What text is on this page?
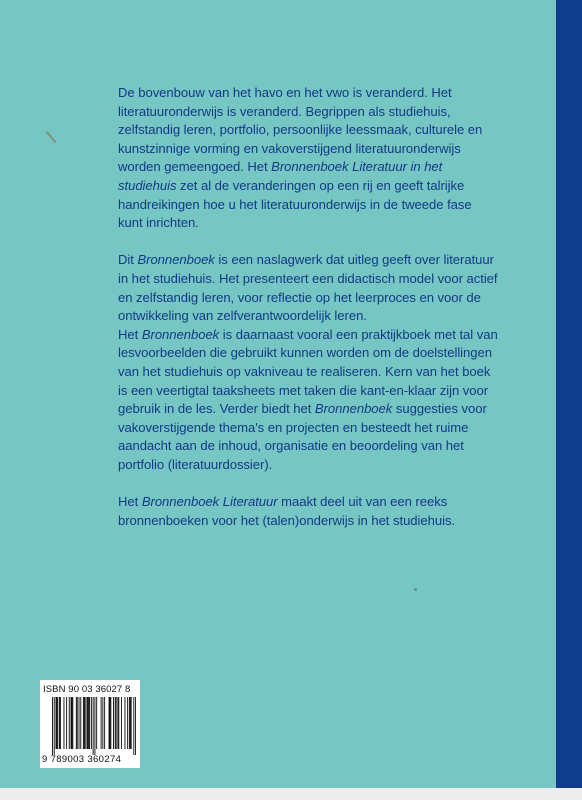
De bovenbouw van het havo en het vwo is veranderd. Het literatuuronderwijs is veranderd. Begrippen als studiehuis, zelfstandig leren, portfolio, persoonlijke leessmaak, culturele en kunstzinnige vorming en vakoverstijgend literatuuronderwijs worden gemeengoed. Het Bronnenboek Literatuur in het studiehuis zet al de veranderingen op een rij en geeft talrijke handreikingen hoe u het literatuuronderwijs in de tweede fase kunt inrichten.

Dit Bronnenboek is een naslagwerk dat uitleg geeft over literatuur in het studiehuis. Het presenteert een didactisch model voor actief en zelfstandig leren, voor reflectie op het leerproces en voor de ontwikkeling van zelfverantwoordelijk leren.
Het Bronnenboek is daarnaast vooral een praktijkboek met tal van lesvoorbeelden die gebruikt kunnen worden om de doelstellingen van het studiehuis op vakniveau te realiseren. Kern van het boek is een veertigtal taaksheets met taken die kant-en-klaar zijn voor gebruik in de les. Verder biedt het Bronnenboek suggesties voor vakoverstijgende thema's en projecten en besteedt het ruime aandacht aan de inhoud, organisatie en beoordeling van het portfolio (literatuurdossier).

Het Bronnenboek Literatuur maakt deel uit van een reeks bronnenboeken voor het (talen)onderwijs in het studiehuis.

ISBN 90 03 36027 8
9 789003 360274
